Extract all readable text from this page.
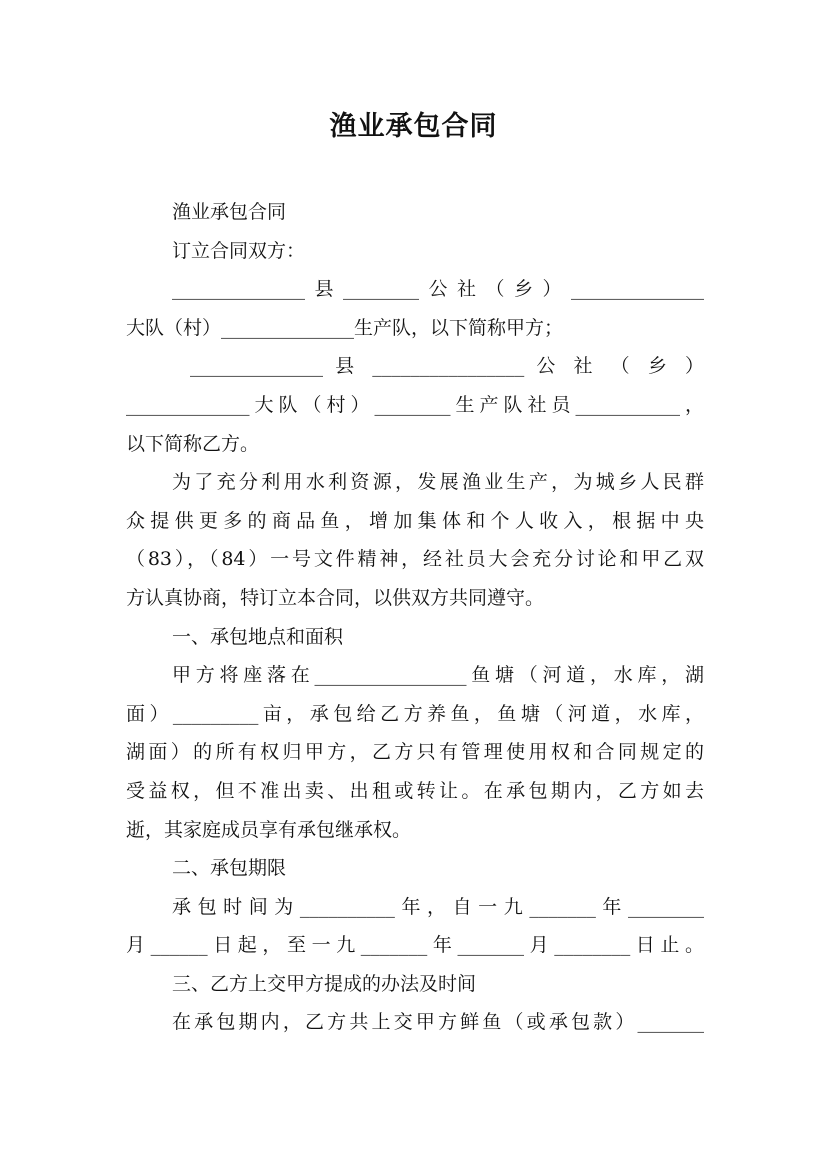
渔业承包合同
渔业承包合同
订立合同双方：
______________县________公社（乡）______________
大队（村）______________生产队，以下简称甲方；
______________ 县 ________________ 公 社 （ 乡 ）
_____________大队（村）________生产队社员___________，
以下简称乙方。
为了充分利用水利资源，发展渔业生产，为城乡人民群
众提供更多的商品鱼，增加集体和个人收入，根据中央
（83），（84）一号文件精神，经社员大会充分讨论和甲乙双
方认真协商，特订立本合同，以供双方共同遵守。
一、承包地点和面积
甲方将座落在________________鱼塘（河道，水库，湖
面）_________亩，承包给乙方养鱼，鱼塘（河道，水库，
湖面）的所有权归甲方，乙方只有管理使用权和合同规定的
受益权，但不准出卖、出租或转让。在承包期内，乙方如去
逝，其家庭成员享有承包继承权。
二、承包期限
承包时间为__________年，自一九_______年________
月______日起，至一九_______年_______月________日止。
三、乙方上交甲方提成的办法及时间
在承包期内，乙方共上交甲方鲜鱼（或承包款）_______
